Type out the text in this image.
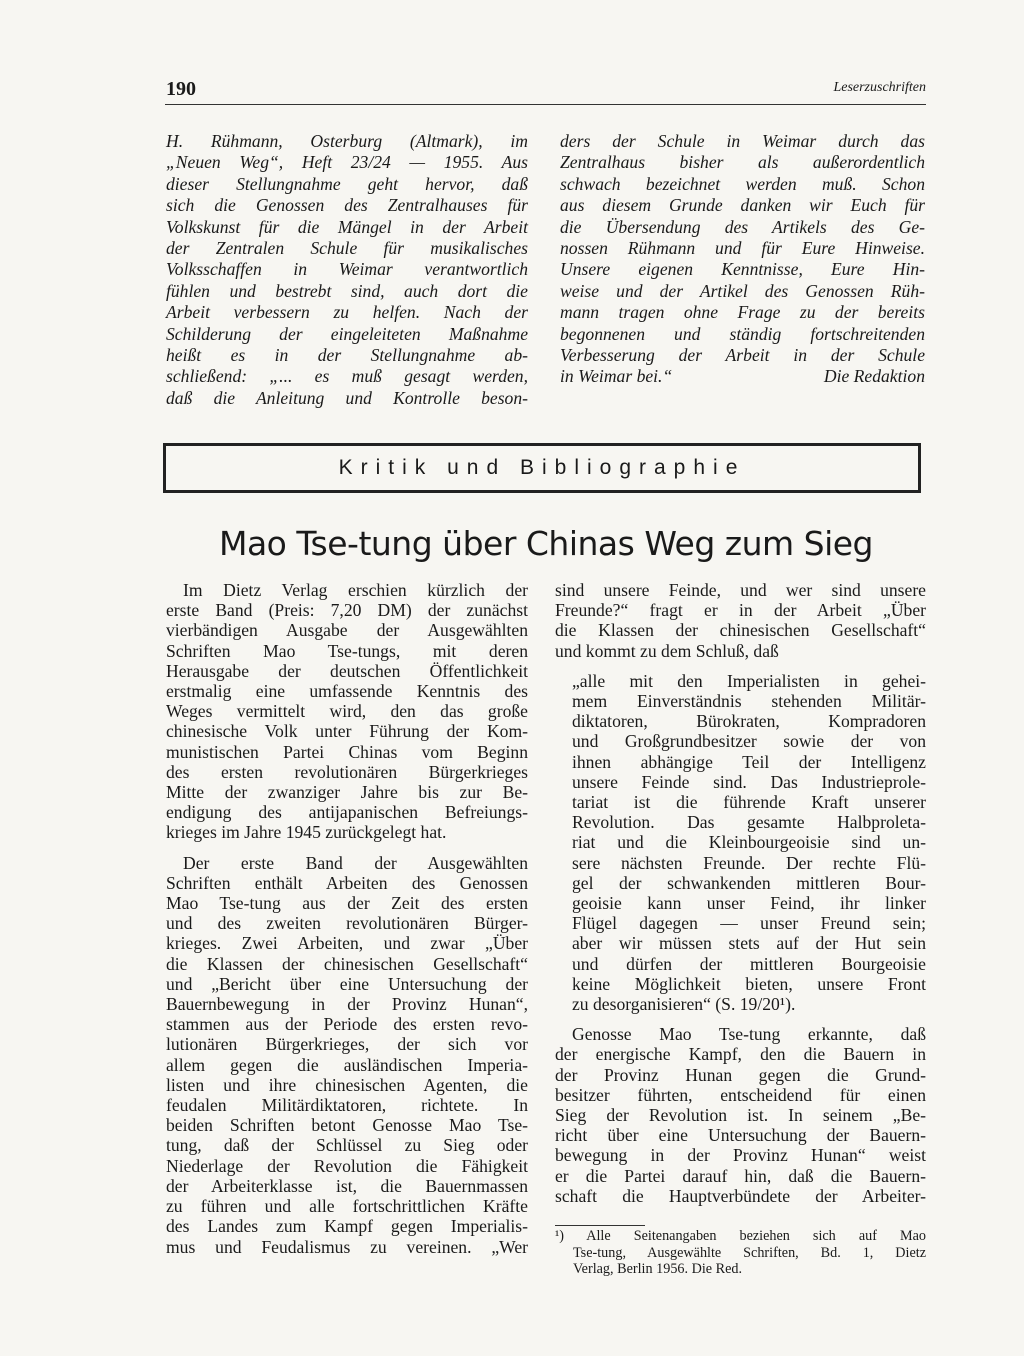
190	Leserzuschriften
H. Rühmann, Osterburg (Altmark), im
„Neuen Weg“, Heft 23/24 — 1955. Aus
dieser Stellungnahme geht hervor, daß
sich die Genossen des Zentralhauses für
Volkskunst für die Mängel in der Arbeit
der Zentralen Schule für musikalisches
Volksschaffen in Weimar verantwortlich
fühlen und bestrebt sind, auch dort die
Arbeit verbessern zu helfen. Nach der
Schilderung der eingeleiteten Maßnahme
heißt es in der Stellungnahme ab-
schließend: „... es muß gesagt werden,
daß die Anleitung und Kontrolle beson-
ders der Schule in Weimar durch das
Zentralhaus bisher als außerordentlich
schwach bezeichnet werden muß. Schon
aus diesem Grunde danken wir Euch für
die Übersendung des Artikels des Ge-
nossen Rühmann und für Eure Hinweise.
Unsere eigenen Kenntnisse, Eure Hin-
weise und der Artikel des Genossen Rüh-
mann tragen ohne Frage zu der bereits
begonnenen und ständig fortschreitenden
Verbesserung der Arbeit in der Schule
in Weimar bei.“	Die Redaktion
Kritik und Bibliographie
Mao Tse-tung über Chinas Weg zum Sieg

Im Dietz Verlag erschien kürzlich der
erste Band (Preis: 7,20 DM) der zunächst
vierbändigen Ausgabe der Ausgewählten
Schriften Mao Tse-tungs, mit deren
Herausgabe der deutschen Öffentlichkeit
erstmalig eine umfassende Kenntnis des
Weges vermittelt wird, den das große
chinesische Volk unter Führung der Kom-
munistischen Partei Chinas vom Beginn
des ersten revolutionären Bürgerkrieges
Mitte der zwanziger Jahre bis zur Be-
endigung des antijapanischen Befreiungs-
krieges im Jahre 1945 zurückgelegt hat.

Der erste Band der Ausgewählten
Schriften enthält Arbeiten des Genossen
Mao Tse-tung aus der Zeit des ersten
und des zweiten revolutionären Bürger-
krieges. Zwei Arbeiten, und zwar „Über
die Klassen der chinesischen Gesellschaft“
und „Bericht über eine Untersuchung der
Bauernbewegung in der Provinz Hunan“,
stammen aus der Periode des ersten revo-
lutionären Bürgerkrieges, der sich vor
allem gegen die ausländischen Imperia-
listen und ihre chinesischen Agenten, die
feudalen Militärdiktatoren, richtete. In
beiden Schriften betont Genosse Mao Tse-
tung, daß der Schlüssel zu Sieg oder
Niederlage der Revolution die Fähigkeit
der Arbeiterklasse ist, die Bauernmassen
zu führen und alle fortschrittlichen Kräfte
des Landes zum Kampf gegen Imperialis-
mus und Feudalismus zu vereinen. „Wer

sind unsere Feinde, und wer sind unsere
Freunde?“ fragt er in der Arbeit „Über
die Klassen der chinesischen Gesellschaft“
und kommt zu dem Schluß, daß

„alle mit den Imperialisten in gehei-
mem Einverständnis stehenden Militär-
diktatoren, Bürokraten, Kompradoren
und Großgrundbesitzer sowie der von
ihnen abhängige Teil der Intelligenz
unsere Feinde sind. Das Industrieprole-
tariat ist die führende Kraft unserer
Revolution. Das gesamte Halbproleta-
riat und die Kleinbourgeoisie sind un-
sere nächsten Freunde. Der rechte Flü-
gel der schwankenden mittleren Bour-
geoisie kann unser Feind, ihr linker
Flügel dagegen — unser Freund sein;
aber wir müssen stets auf der Hut sein
und dürfen der mittleren Bourgeoisie
keine Möglichkeit bieten, unsere Front
zu desorganisieren“ (S. 19/20¹).

Genosse Mao Tse-tung erkannte, daß
der energische Kampf, den die Bauern in
der Provinz Hunan gegen die Grund-
besitzer führten, entscheidend für einen
Sieg der Revolution ist. In seinem „Be-
richt über eine Untersuchung der Bauern-
bewegung in der Provinz Hunan“ weist
er die Partei darauf hin, daß die Bauern-
schaft die Hauptverbündete der Arbeiter-

¹) Alle Seitenangaben beziehen sich auf Mao
Tse-tung, Ausgewählte Schriften, Bd. 1, Dietz
Verlag, Berlin 1956. Die Red.
